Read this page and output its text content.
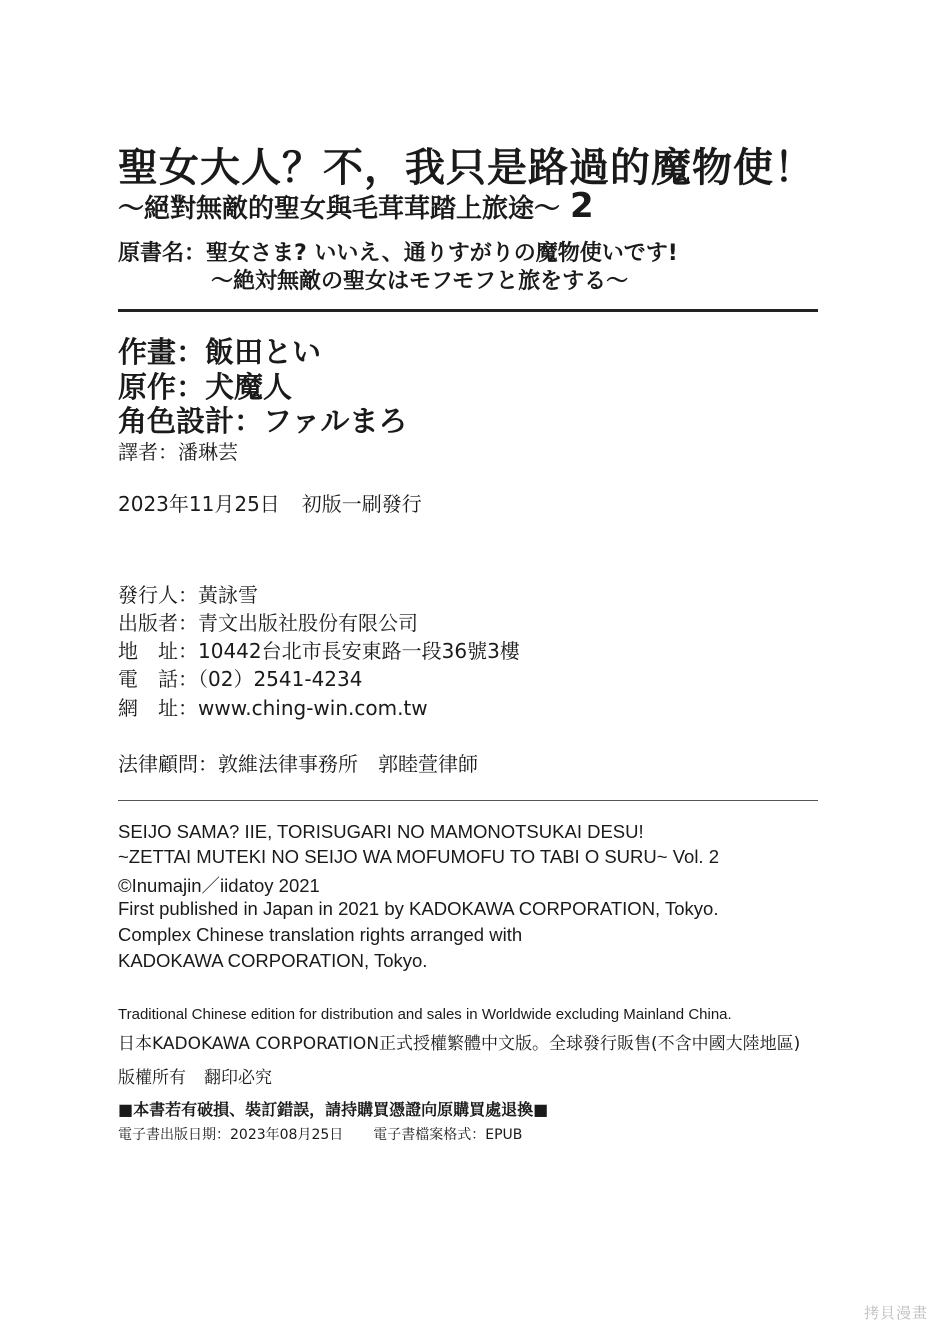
聖女大人？不，我只是路過的魔物使！
～絕對無敵的聖女與毛茸茸踏上旅途～ 2
原書名：聖女さま? いいえ、通りすがりの魔物使いです!
～絶対無敵の聖女はモフモフと旅をする～
作畫：飯田とい
原作：犬魔人
角色設計：ファルまろ
譯者：潘琳芸
2023年11月25日 初版一刷發行
發行人：黃詠雪
出版者：青文出版社股份有限公司
地　址：10442台北市長安東路一段36號3樓
電　話：（02）2541-4234
網　址：www.ching-win.com.tw
法律顧問：敦維法律事務所　郭睦萱律師
SEIJO SAMA? IIE, TORISUGARI NO MAMONOTSUKAI DESU!
~ZETTAI MUTEKI NO SEIJO WA MOFUMOFU TO TABI O SURU~ Vol. 2
©Inumajin／iidatoy 2021
First published in Japan in 2021 by KADOKAWA CORPORATION, Tokyo.
Complex Chinese translation rights arranged with
KADOKAWA CORPORATION, Tokyo.
Traditional Chinese edition for distribution and sales in Worldwide excluding Mainland China.
日本KADOKAWA CORPORATION正式授權繁體中文版。全球發行販售(不含中國大陸地區)
版權所有 翻印必究
■本書若有破損、裝訂錯誤，請持購買憑證向原購買處退換■
電子書出版日期：2023年08月25日 電子書檔案格式：EPUB
拷貝漫畫
